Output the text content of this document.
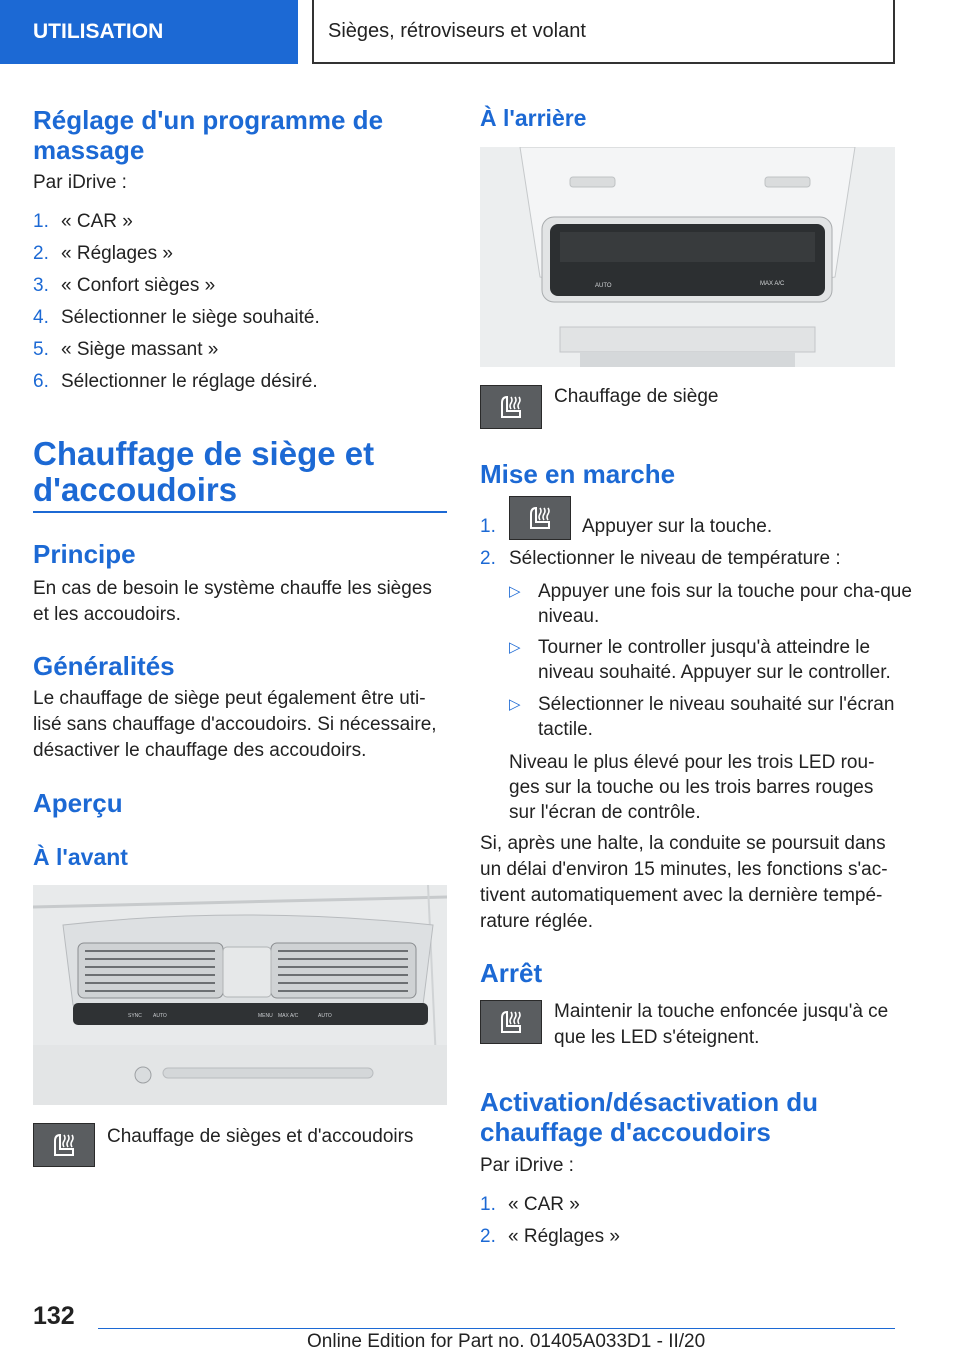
UTILISATION	Sièges, rétroviseurs et volant
Réglage d'un programme de massage

Par iDrive :

1. « CAR »
2. « Réglages »
3. « Confort sièges »
4. Sélectionner le siège souhaité.
5. « Siège massant »
6. Sélectionner le réglage désiré.
Chauffage de siège et d'accoudoirs
Principe

En cas de besoin le système chauffe les sièges et les accoudoirs.

Généralités

Le chauffage de siège peut également être uti-lisé sans chauffage d'accoudoirs. Si nécessaire, désactiver le chauffage des accoudoirs.

Aperçu
À l'avant
AUTO	AUTO
MAX A/C
MENU
SYNC

Chauffage de sièges et d'accoudoirs

À l'arrière
AUTO	MAX A/C

Chauffage de siège

Mise en marche
1.	Appuyer sur la touche.
2. Sélectionner le niveau de température :
▷ Appuyer une fois sur la touche pour cha-que niveau.
▷ Tourner le controller jusqu'à atteindre le niveau souhaité. Appuyer sur le controller.
▷ Sélectionner le niveau souhaité sur l'écran tactile.

Niveau le plus élevé pour les trois LED rou-ges sur la touche ou les trois barres rouges sur l'écran de contrôle.

Si, après une halte, la conduite se poursuit dans un délai d'environ 15 minutes, les fonctions s'ac-tivent automatiquement avec la dernière tempé-rature réglée.

Arrêt

Maintenir la touche enfoncée jusqu'à ce que les LED s'éteignent.

Activation/désactivation du chauffage d'accoudoirs

Par iDrive :

1. « CAR »
2. « Réglages »
132
Online Edition for Part no. 01405A033D1 - II/20
